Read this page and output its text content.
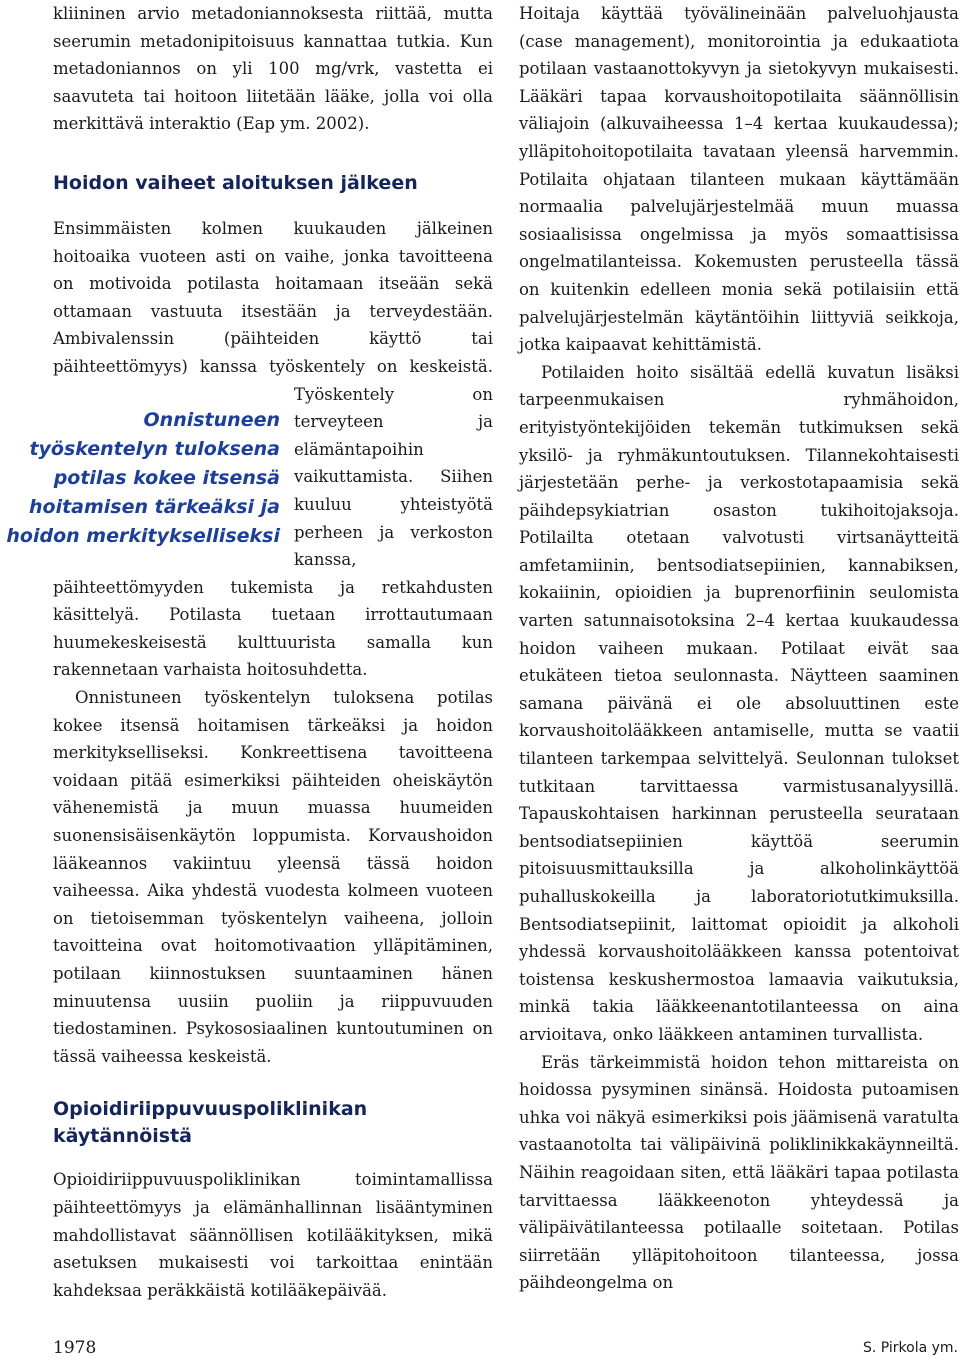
kliininen arvio metadoniannoksesta riittää, mutta seerumin metadonipitoisuus kannattaa tutkia. Kun metadoniannos on yli 100 mg/vrk, vastetta ei saavuteta tai hoitoon liitetään lääke, jolla voi olla merkittävä interaktio (Eap ym. 2002).

Hoidon vaiheet aloituksen jälkeen

Onnistuneen työskentelyn tuloksena potilas kokee itsensä hoitamisen tärkeäksi ja hoidon merkitykselliseksi
Ensimmäisten kolmen kuukauden jälkeinen hoitoaika vuoteen asti on vaihe, jonka tavoitteena on motivoida potilasta hoitamaan itseään sekä ottamaan vastuuta itsestään ja terveydestään. Ambivalenssin (päihteiden käyttö tai päihteettömyys) kanssa työskentely on keskeistä. Työskentely on terveyteen ja elämäntapoihin vaikuttamista. Siihen kuuluu yhteistyötä perheen ja verkoston kanssa, päihteettömyyden tukemista ja retkahdusten käsittelyä. Potilasta tuetaan irrottautumaan huumekeskeisestä kulttuurista samalla kun rakennetaan varhaista hoitosuhdetta.

Onnistuneen työskentelyn tuloksena potilas kokee itsensä hoitamisen tärkeäksi ja hoidon merkitykselliseksi. Konkreettisena tavoitteena voidaan pitää esimerkiksi päihteiden oheiskäytön vähenemistä ja muun muassa huumeiden suonensisäisenkäytön loppumista. Korvaushoidon lääkeannos vakiintuu yleensä tässä hoidon vaiheessa. Aika yhdestä vuodesta kolmeen vuoteen on tietoisemman työskentelyn vaiheena, jolloin tavoitteina ovat hoitomotivaation ylläpitäminen, potilaan kiinnostuksen suuntaaminen hänen minuutensa uusiin puoliin ja riippuvuuden tiedostaminen. Psykososiaalinen kuntoutuminen on tässä vaiheessa keskeistä.

Opioidiriippuvuuspoliklinikan käytännöistä

Opioidiriippuvuuspoliklinikan toimintamallissa päihteettömyys ja elämänhallinnan lisääntyminen mahdollistavat säännöllisen kotilääkityksen, mikä asetuksen mukaisesti voi tarkoittaa enintään kahdeksaa peräkkäistä kotilääkepäivää.

Hoitaja käyttää työvälineinään palveluohjausta (case management), monitorointia ja edukaatiota potilaan vastaanottokyvyn ja sietokyvyn mukaisesti. Lääkäri tapaa korvaushoitopotilaita säännöllisin väliajoin (alkuvaiheessa 1–4 kertaa kuukaudessa); ylläpitohoitopotilaita tavataan yleensä harvemmin. Potilaita ohjataan tilanteen mukaan käyttämään normaalia palvelujärjestelmää muun muassa sosiaalisissa ongelmissa ja myös somaattisissa ongelmatilanteissa. Kokemusten perusteella tässä on kuitenkin edelleen monia sekä potilaisiin että palvelujärjestelmän käytäntöihin liittyviä seikkoja, jotka kaipaavat kehittämistä.

Potilaiden hoito sisältää edellä kuvatun lisäksi tarpeenmukaisen ryhmähoidon, erityistyöntekijöiden tekemän tutkimuksen sekä yksilö- ja ryhmäkuntoutuksen. Tilannekohtaisesti järjestetään perhe- ja verkostotapaamisia sekä päihdepsykiatrian osaston tukihoitojaksoja. Potilailta otetaan valvotusti virtsanäytteitä amfetamiinin, bentsodiatsepiinien, kannabiksen, kokaiinin, opioidien ja buprenorfiinin seulomista varten satunnaisotoksina 2–4 kertaa kuukaudessa hoidon vaiheen mukaan. Potilaat eivät saa etukäteen tietoa seulonnasta. Näytteen saaminen samana päivänä ei ole absoluuttinen este korvaushoitolääkkeen antamiselle, mutta se vaatii tilanteen tarkempaa selvittelyä. Seulonnan tulokset tutkitaan tarvittaessa varmistusanalyysillä. Tapauskohtaisen harkinnan perusteella seurataan bentsodiatsepiinien käyttöä seerumin pitoisuusmittauksilla ja alkoholinkäyttöä puhalluskokeilla ja laboratoriotutkimuksilla. Bentsodiatsepiinit, laittomat opioidit ja alkoholi yhdessä korvaushoitolääkkeen kanssa potentoivat toistensa keskushermostoa lamaavia vaikutuksia, minkä takia lääkkeenantotilanteessa on aina arvioitava, onko lääkkeen antaminen turvallista.

Eräs tärkeimmistä hoidon tehon mittareista on hoidossa pysyminen sinänsä. Hoidosta putoamisen uhka voi näkyä esimerkiksi pois jäämisenä varatulta vastaanotolta tai välipäivinä poliklinikkakäynneiltä. Näihin reagoidaan siten, että lääkäri tapaa potilasta tarvittaessa lääkkeenoton yhteydessä ja välipäivätilanteessa potilaalle soitetaan. Potilas siirretään ylläpitohoitoon tilanteessa, jossa päihdeongelma on

1978	S. Pirkola ym.
